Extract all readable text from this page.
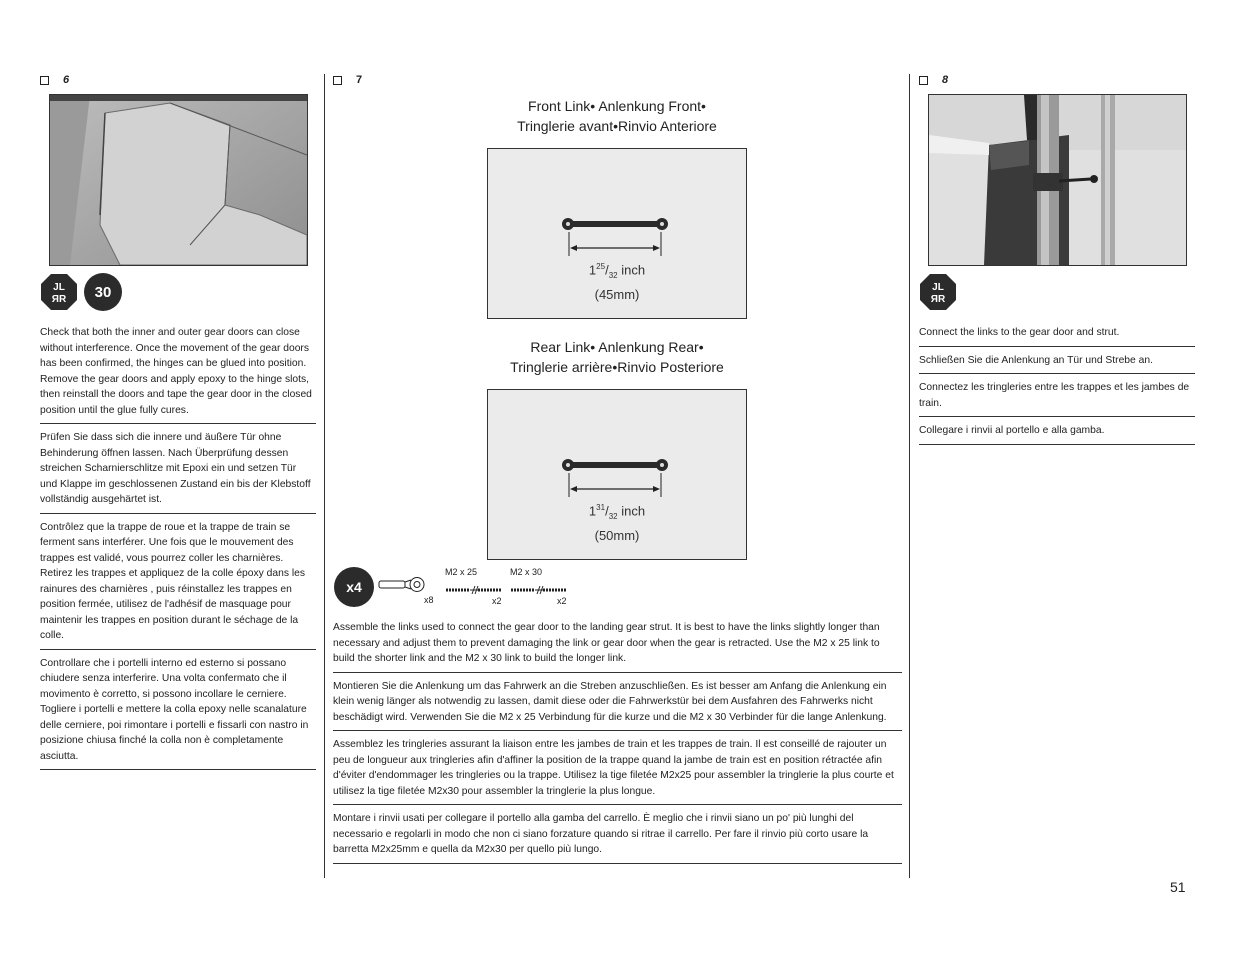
6	7	8
JL
ЯR	30
Check that both the inner and outer gear doors can close without interference. Once the movement of the gear doors has been confirmed, the hinges can be glued into position. Remove the gear doors and apply epoxy to the hinge slots, then reinstall the doors and tape the gear door in the closed position until the glue fully cures.
Prüfen Sie dass sich die innere und äußere Tür ohne Behinderung öffnen lassen. Nach Überprüfung dessen streichen Scharnierschlitze mit Epoxi ein und setzen Tür und Klappe im geschlossenen Zustand ein bis der Klebstoff vollständig ausgehärtet ist.
Contrôlez que la trappe de roue et la trappe de train se ferment sans interférer. Une fois que le mouvement des trappes est validé, vous pourrez coller les charnières. Retirez les trappes et appliquez de la colle époxy dans les rainures des charnières , puis réinstallez les trappes en position fermée, utilisez de l'adhésif de masquage pour maintenir les trappes en position durant le séchage de la colle.
Controllare che i portelli interno ed esterno si possano chiudere senza interferire. Una volta confermato che il movimento è corretto, si possono incollare le cerniere. Togliere i portelli e mettere la colla epoxy nelle scanalature delle cerniere, poi rimontare i portelli e fissarli con nastro in posizione chiusa finché la colla non è completamente asciutta.
Front Link• Anlenkung Front•
Tringlerie avant•Rinvio Anteriore
$1^{25}/_{32}$ inch
(45mm)
Rear Link• Anlenkung Rear•
Tringlerie arrière•Rinvio Posteriore
$1^{31}/_{32}$ inch
(50mm)
x4
x8
M2 x 25
x2
M2 x 30
x2
Assemble the links used to connect the gear door to the landing gear strut. It is best to have the links slightly longer than necessary and adjust them to prevent damaging the link or gear door when the gear is retracted. Use the M2 x 25 link to build the shorter link and the M2 x 30 link to build the longer link.
Montieren Sie die Anlenkung um das Fahrwerk an die Streben anzuschließen. Es ist besser am Anfang die Anlenkung ein klein wenig länger als notwendig zu lassen, damit diese oder die Fahrwerkstür bei dem Ausfahren des Fahrwerks nicht beschädigt wird. Verwenden Sie die M2 x 25 Verbindung für die kurze und die M2 x 30 Verbinder für die lange Anlenkung.
Assemblez les tringleries assurant la liaison entre les jambes de train et les trappes de train. Il est conseillé de rajouter un peu de longueur aux tringleries afin d'affiner la position de la trappe quand la jambe de train est en position rétractée afin d'éviter d'endommager les tringleries ou la trappe. Utilisez la tige filetée M2x25 pour assembler la tringlerie la plus courte et utilisez la tige filetée M2x30 pour assembler la tringlerie la plus longue.
Montare i rinvii usati per collegare il portello alla gamba del carrello. È meglio che i rinvii siano un po' più lunghi del necessario e regolarli in modo che non ci siano forzature quando si ritrae il carrello. Per fare il rinvio più corto usare la barretta M2x25mm e quella da M2x30 per quello più lungo.
JL
ЯR
Connect the links to the gear door and strut.
Schließen Sie die Anlenkung an Tür und Strebe an.
Connectez les tringleries entre les trappes et les jambes de train.
Collegare i rinvii al portello e alla gamba.
51
